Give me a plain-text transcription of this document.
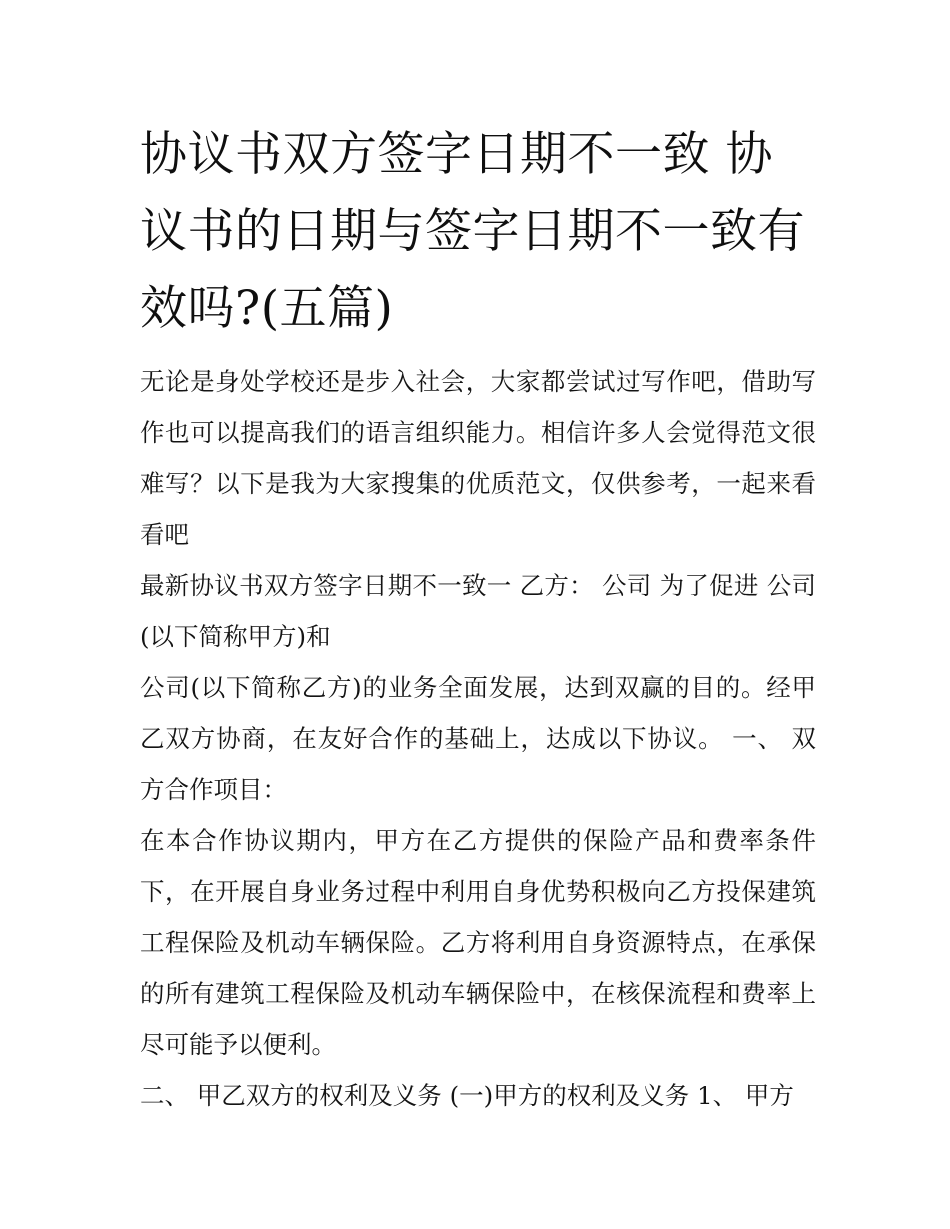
协议书双方签字日期不一致 协议书的日期与签字日期不一致有效吗?(五篇)

无论是身处学校还是步入社会，大家都尝试过写作吧，借助写作也可以提高我们的语言组织能力。相信许多人会觉得范文很难写？以下是我为大家搜集的优质范文，仅供参考，一起来看看吧

最新协议书双方签字日期不一致一 乙方： 公司 为了促进 公司(以下简称甲方)和

公司(以下简称乙方)的业务全面发展，达到双赢的目的。经甲乙双方协商，在友好合作的基础上，达成以下协议。 一、 双方合作项目：

在本合作协议期内，甲方在乙方提供的保险产品和费率条件下，在开展自身业务过程中利用自身优势积极向乙方投保建筑工程保险及机动车辆保险。乙方将利用自身资源特点，在承保的所有建筑工程保险及机动车辆保险中，在核保流程和费率上尽可能予以便利。

二、 甲乙双方的权利及义务 (一)甲方的权利及义务 1、 甲方
